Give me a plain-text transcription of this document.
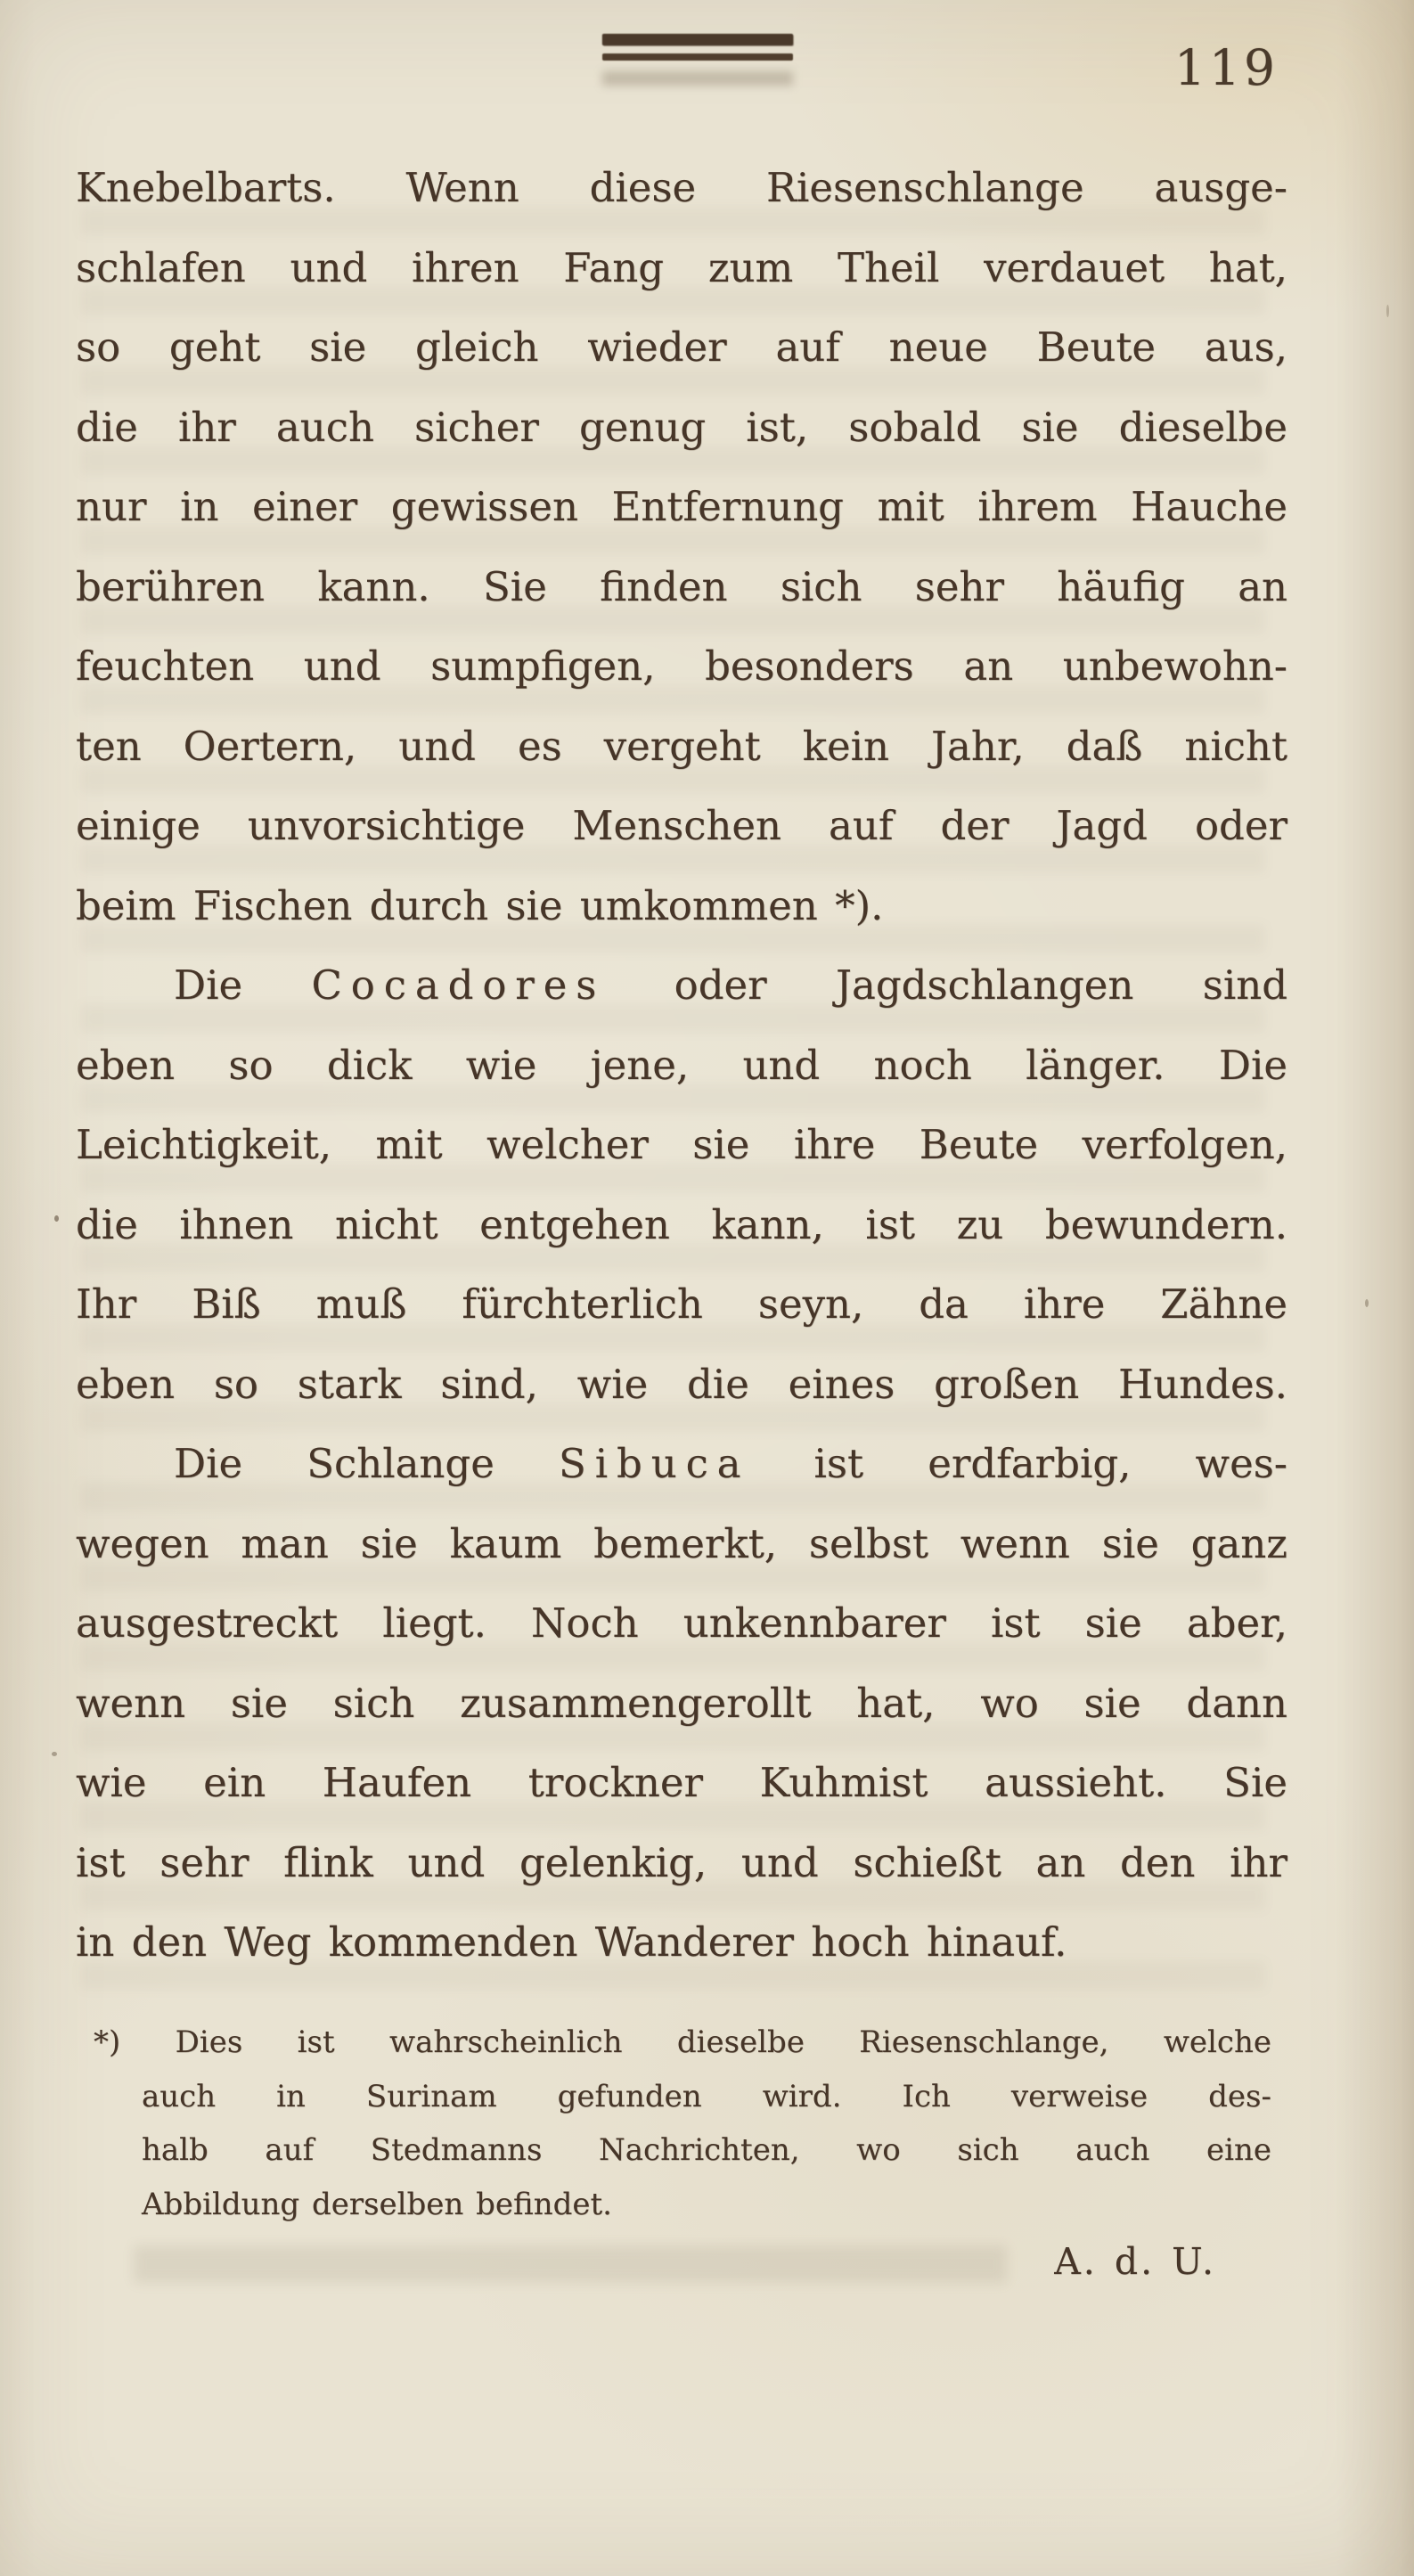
119
Knebelbarts. Wenn diese Riesenschlange ausge-
schlafen und ihren Fang zum Theil verdauet hat,
so geht sie gleich wieder auf neue Beute aus,
die ihr auch sicher genug ist, sobald sie dieselbe
nur in einer gewissen Entfernung mit ihrem Hauche
berühren kann. Sie finden sich sehr häufig an
feuchten und sumpfigen, besonders an unbewohn-
ten Oertern, und es vergeht kein Jahr, daß nicht
einige unvorsichtige Menschen auf der Jagd oder
beim Fischen durch sie umkommen *).
Die Cocadores oder Jagdschlangen sind
eben so dick wie jene, und noch länger. Die
Leichtigkeit, mit welcher sie ihre Beute verfolgen,
die ihnen nicht entgehen kann, ist zu bewundern.
Ihr Biß muß fürchterlich seyn, da ihre Zähne
eben so stark sind, wie die eines großen Hundes.
Die Schlange Sibuca ist erdfarbig, wes-
wegen man sie kaum bemerkt, selbst wenn sie ganz
ausgestreckt liegt. Noch unkennbarer ist sie aber,
wenn sie sich zusammengerollt hat, wo sie dann
wie ein Haufen trockner Kuhmist aussieht. Sie
ist sehr flink und gelenkig, und schießt an den ihr
in den Weg kommenden Wanderer hoch hinauf.
*) Dies ist wahrscheinlich dieselbe Riesenschlange, welche
auch in Surinam gefunden wird. Ich verweise des-
halb auf Stedmanns Nachrichten, wo sich auch eine
Abbildung derselben befindet.
A. d. U.
